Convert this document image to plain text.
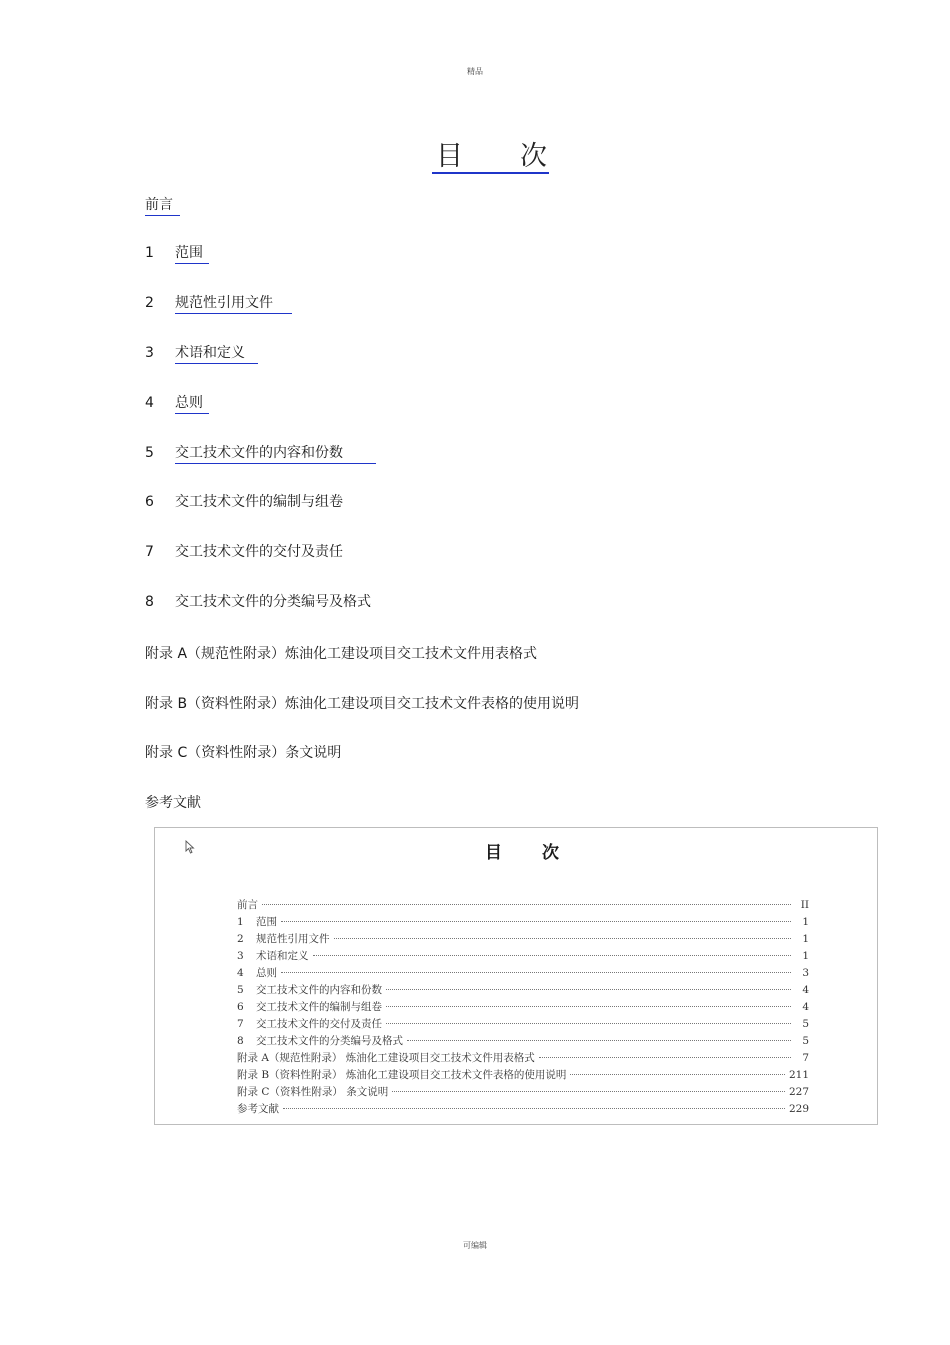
精品
目 次
前言
1 范围
2 规范性引用文件
3 术语和定义
4 总则
5 交工技术文件的内容和份数
6 交工技术文件的编制与组卷
7 交工技术文件的交付及责任
8 交工技术文件的分类编号及格式
附录 A（规范性附录）炼油化工建设项目交工技术文件用表格式
附录 B（资料性附录）炼油化工建设项目交工技术文件表格的使用说明
附录 C（资料性附录）条文说明
参考文献
目 次
前言	II
1 范围	1
2 规范性引用文件	1
3 术语和定义	1
4 总则	3
5 交工技术文件的内容和份数	4
6 交工技术文件的编制与组卷	4
7 交工技术文件的交付及责任	5
8 交工技术文件的分类编号及格式	5
附录 A（规范性附录） 炼油化工建设项目交工技术文件用表格式	7
附录 B（资料性附录） 炼油化工建设项目交工技术文件表格的使用说明	211
附录 C（资料性附录） 条文说明	227
参考文献	229
可编辑
